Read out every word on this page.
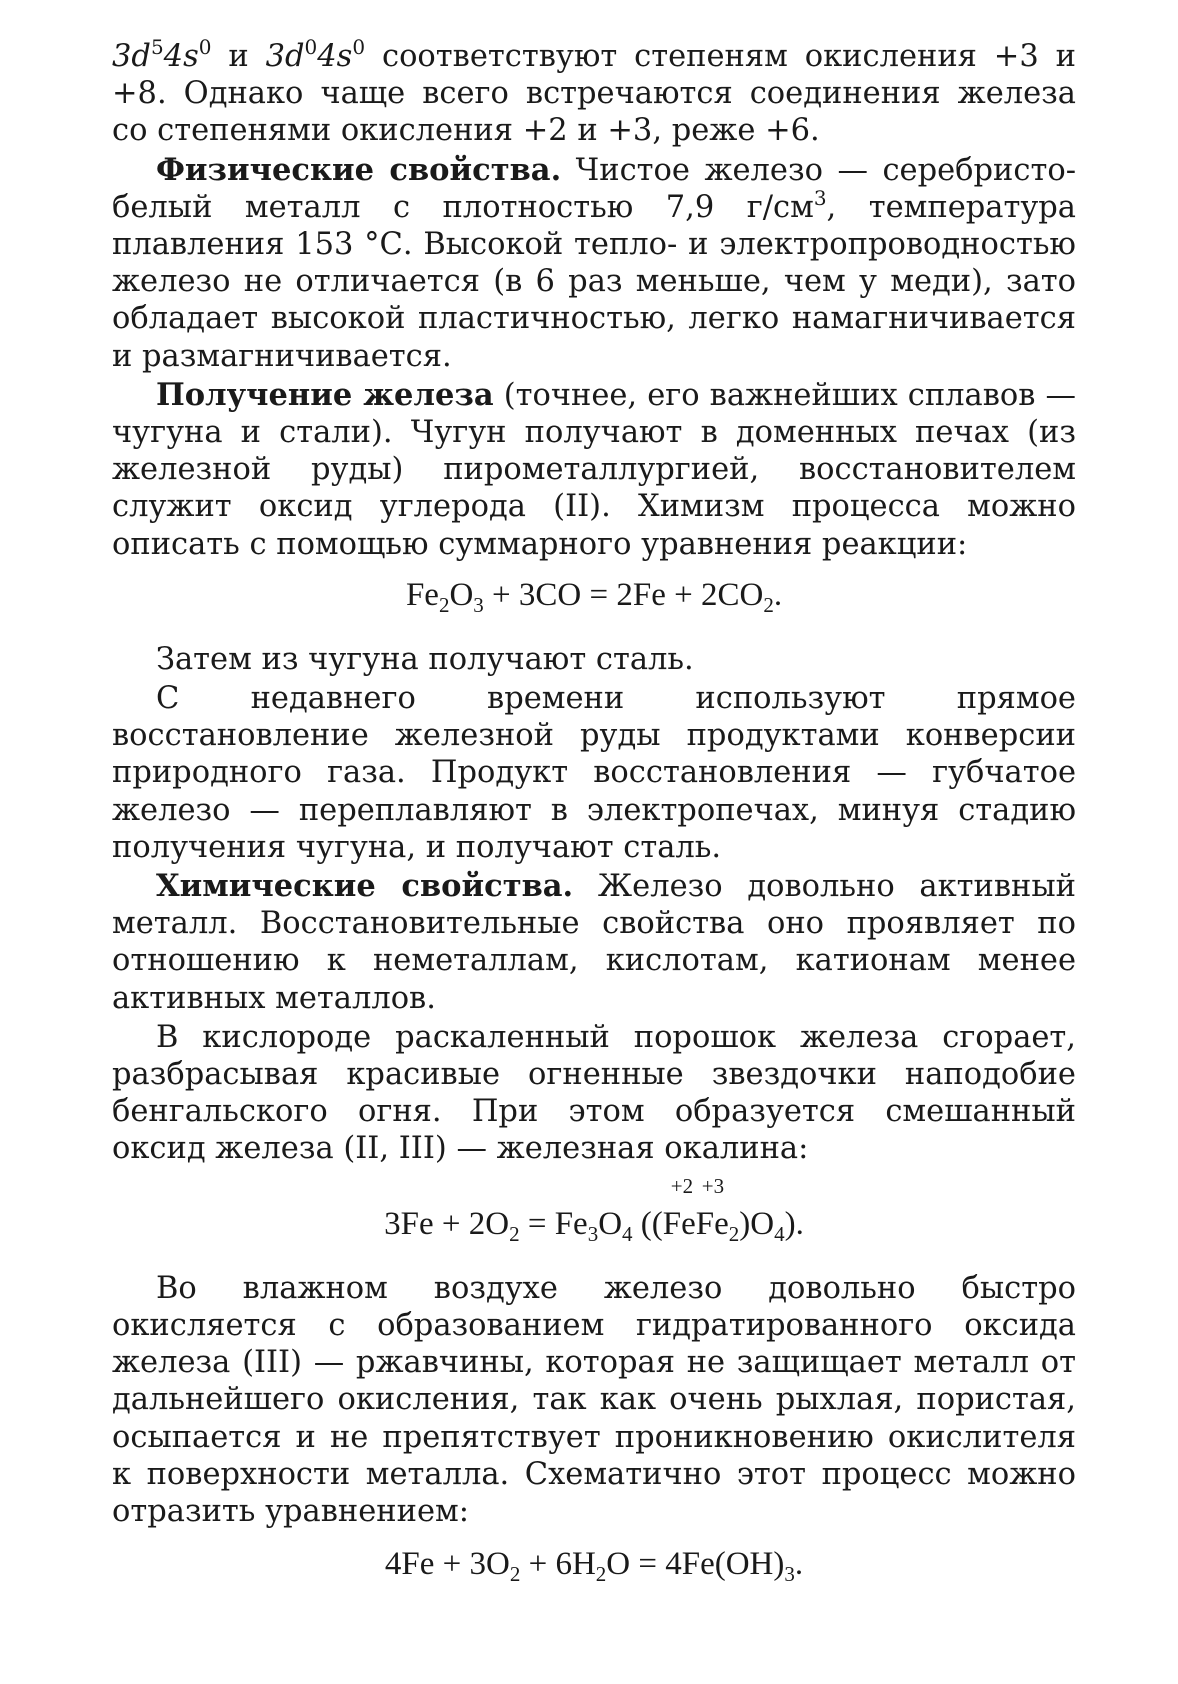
$3d^54s^0$ и $3d^04s^0$ соответствуют степеням окисления +3 и +8. Однако чаще всего встречаются соединения железа со степенями окисления +2 и +3, реже +6.

Физические свойства. Чистое железо — серебристо-белый металл с плотностью 7,9 $г/см^3$, температура плавления 153 °С. Высокой тепло- и электропроводностью железо не отличается (в 6 раз меньше, чем у меди), зато обладает высокой пластичностью, легко намагничивается и размагничивается.

Получение железа (точнее, его важнейших сплавов — чугуна и стали). Чугун получают в доменных печах (из железной руды) пирометаллургией, восстановителем служит оксид углерода (II). Химизм процесса можно описать с помощью суммарного уравнения реакции:

$Fe_2O_3 + 3CO = 2Fe + 2CO_2$.

Затем из чугуна получают сталь.

С недавнего времени используют прямое восстановление железной руды продуктами конверсии природного газа. Продукт восстановления — губчатое железо — переплавляют в электропечах, минуя стадию получения чугуна, и получают сталь.

Химические свойства. Железо довольно активный металл. Восстановительные свойства оно проявляет по отношению к неметаллам, кислотам, катионам менее активных металлов.

В кислороде раскаленный порошок железа сгорает, разбрасывая красивые огненные звездочки наподобие бенгальского огня. При этом образуется смешанный оксид железа (II, III) — железная окалина:

$3Fe + 2O_2 = Fe_3O_4$ ((
+2
Fe
+3
$Fe_2)O_4$).

Во влажном воздухе железо довольно быстро окисляется с образованием гидратированного оксида железа (III) — ржавчины, которая не защищает металл от дальнейшего окисления, так как очень рыхлая, пористая, осыпается и не препятствует проникновению окислителя к поверхности металла. Схематично этот процесс можно отразить уравнением:

$4Fe + 3O_2 + 6H_2O = 4Fe(OH)_3$.
